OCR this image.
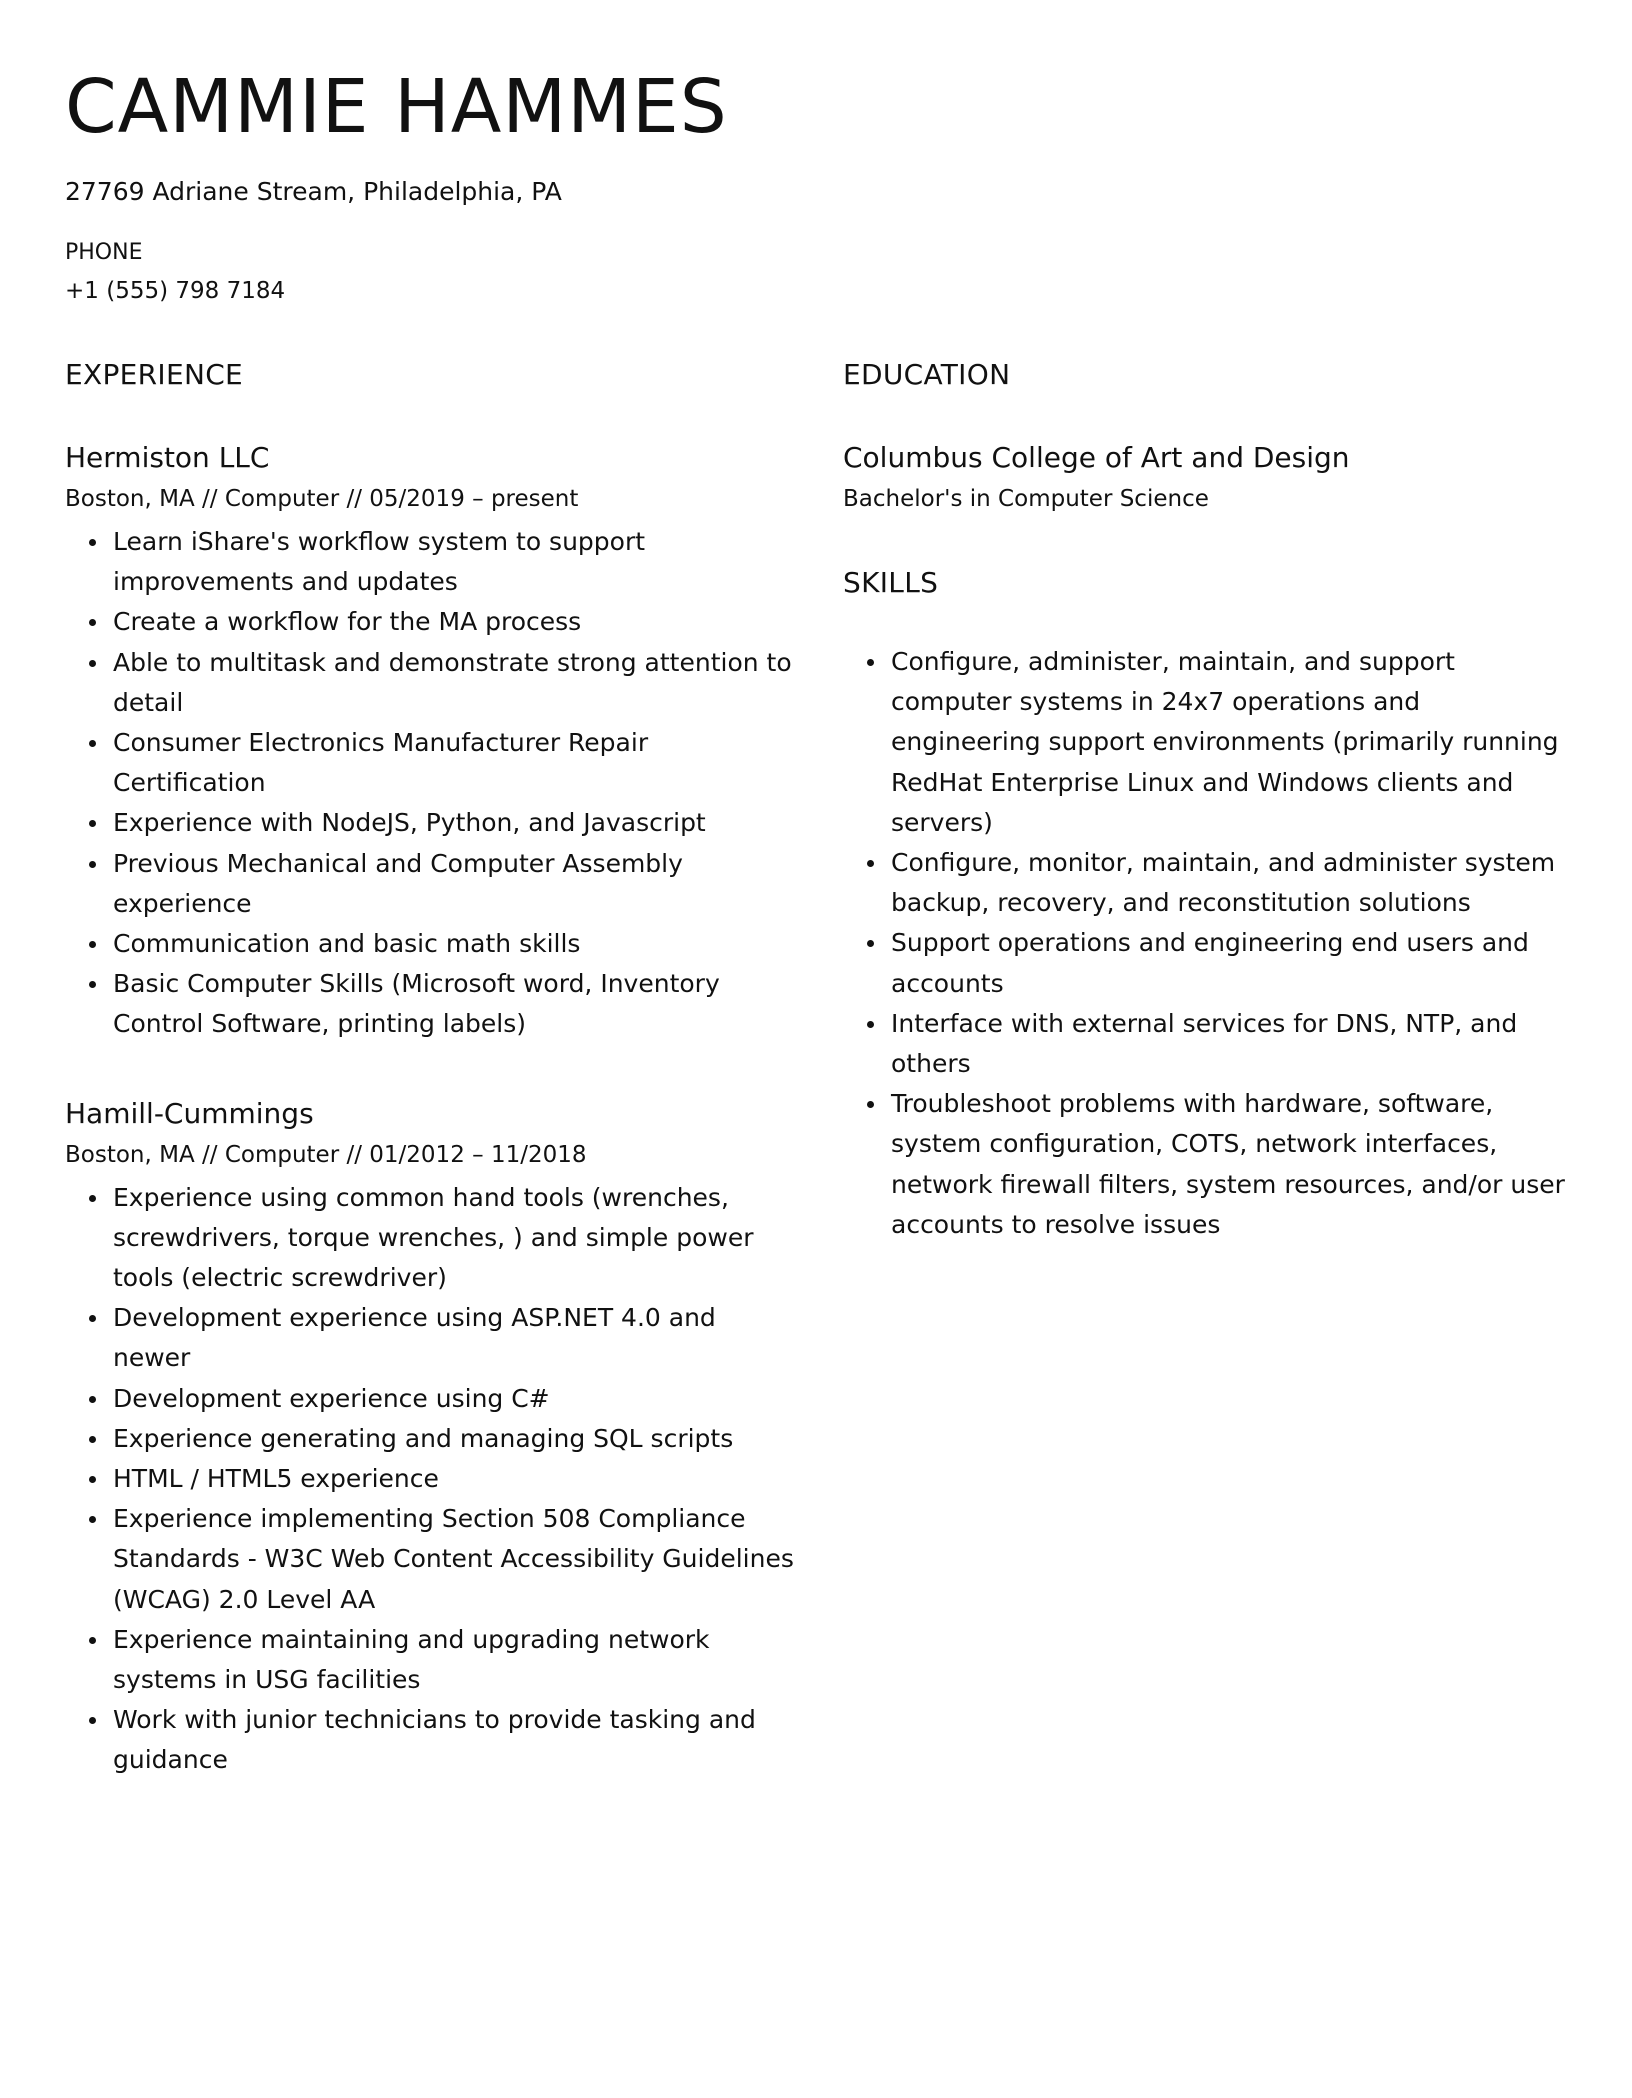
CAMMIE HAMMES
27769 Adriane Stream, Philadelphia, PA
PHONE
+1 (555) 798 7184
EXPERIENCE
Hermiston LLC
Boston, MA // Computer // 05/2019 – present
Learn iShare's workflow system to support improvements and updates
Create a workflow for the MA process
Able to multitask and demonstrate strong attention to detail
Consumer Electronics Manufacturer Repair Certification
Experience with NodeJS, Python, and Javascript
Previous Mechanical and Computer Assembly experience
Communication and basic math skills
Basic Computer Skills (Microsoft word, Inventory Control Software, printing labels)
Hamill-Cummings
Boston, MA // Computer // 01/2012 – 11/2018
Experience using common hand tools (wrenches, screwdrivers, torque wrenches, ) and simple power tools (electric screwdriver)
Development experience using ASP.NET 4.0 and newer
Development experience using C#
Experience generating and managing SQL scripts
HTML / HTML5 experience
Experience implementing Section 508 Compliance Standards - W3C Web Content Accessibility Guidelines (WCAG) 2.0 Level AA
Experience maintaining and upgrading network systems in USG facilities
Work with junior technicians to provide tasking and guidance
EDUCATION
Columbus College of Art and Design
Bachelor's in Computer Science
SKILLS
Configure, administer, maintain, and support computer systems in 24x7 operations and engineering support environments (primarily running RedHat Enterprise Linux and Windows clients and servers)
Configure, monitor, maintain, and administer system backup, recovery, and reconstitution solutions
Support operations and engineering end users and accounts
Interface with external services for DNS, NTP, and others
Troubleshoot problems with hardware, software, system configuration, COTS, network interfaces, network firewall filters, system resources, and/or user accounts to resolve issues
